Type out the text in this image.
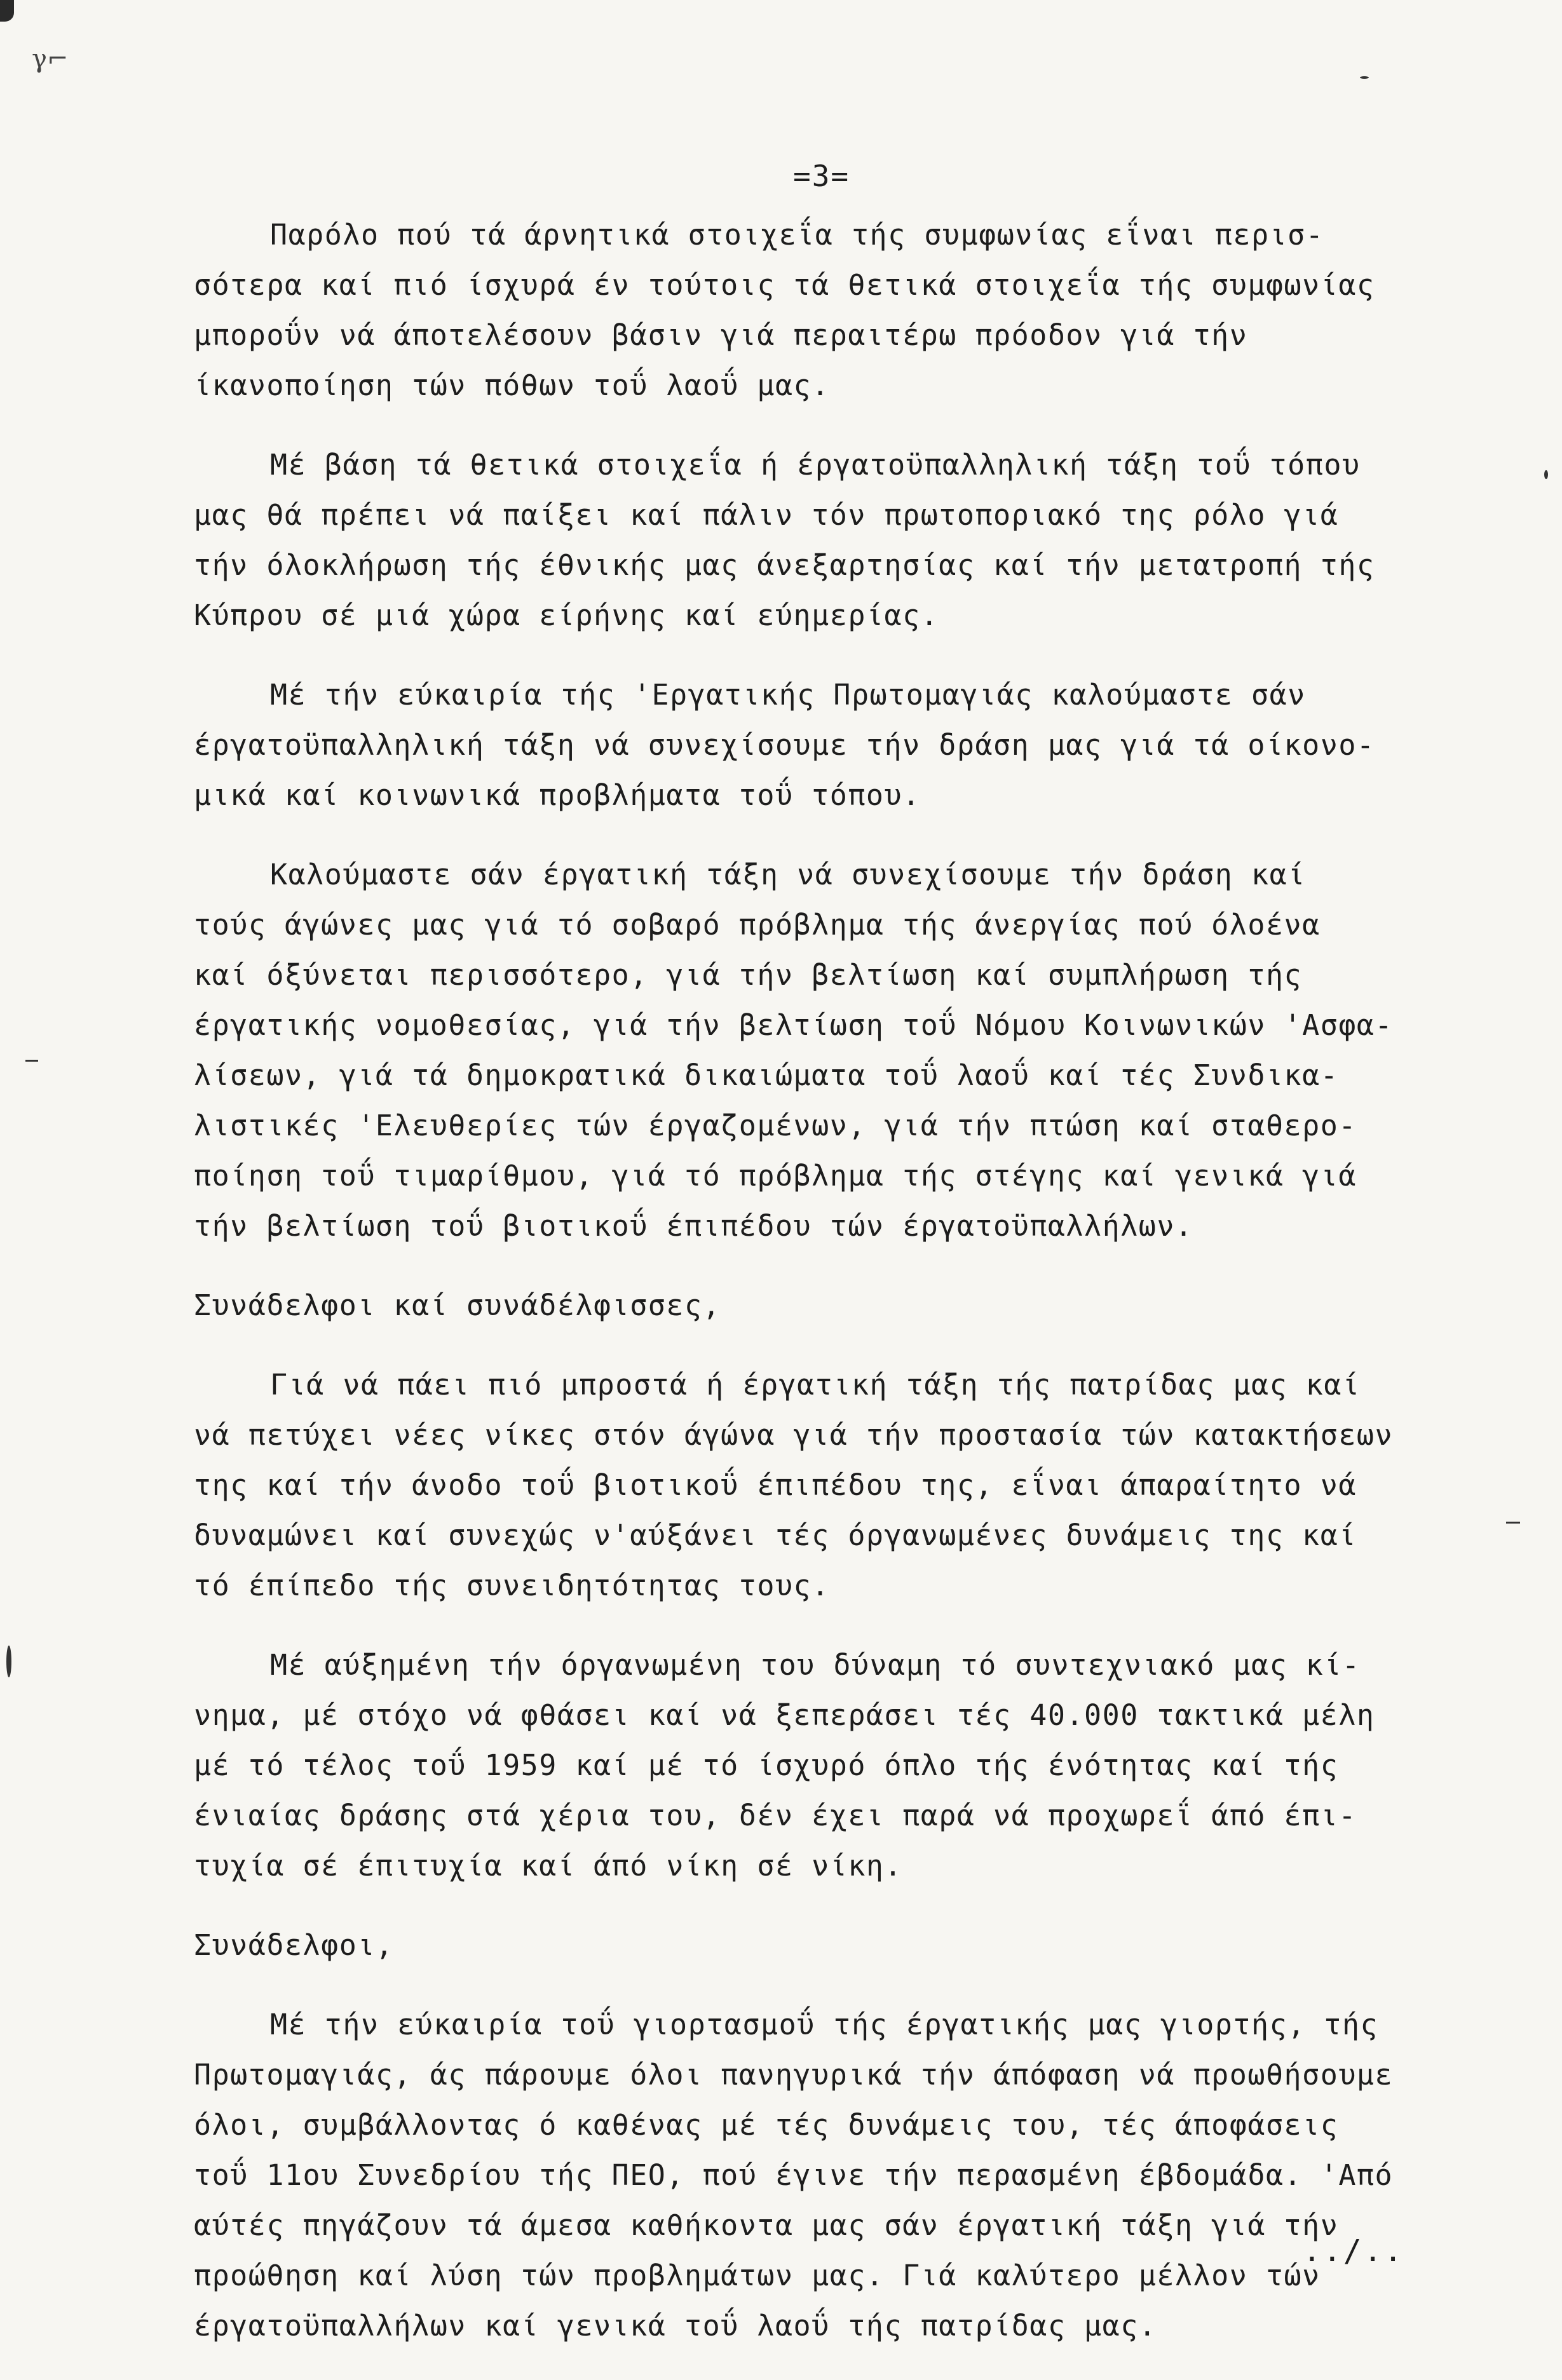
γ⌐
=3=
Παρόλο πού τά άρνητικά στοιχεΐα τής συμφωνίας εΐναι περισ-
σότερα καί πιό ίσχυρά έν τούτοις τά θετικά στοιχεΐα τής συμφωνίας
μποροΰν νά άποτελέσουν βάσιν γιά περαιτέρω πρόοδον γιά τήν
ίκανοποίηση τών πόθων τοΰ λαοΰ μας.
Μέ βάση τά θετικά στοιχεΐα ή έργατοϋπαλληλική τάξη τοΰ τόπου
μας θά πρέπει νά παίξει καί πάλιν τόν πρωτοποριακό της ρόλο γιά
τήν όλοκλήρωση τής έθνικής μας άνεξαρτησίας καί τήν μετατροπή τής
Κύπρου σέ μιά χώρα είρήνης καί εύημερίας.
Μέ τήν εύκαιρία τής 'Εργατικής Πρωτομαγιάς καλούμαστε σάν
έργατοϋπαλληλική τάξη νά συνεχίσουμε τήν δράση μας γιά τά οίκονο-
μικά καί κοινωνικά προβλήματα τοΰ τόπου.
Καλούμαστε σάν έργατική τάξη νά συνεχίσουμε τήν δράση καί
τούς άγώνες μας γιά τό σοβαρό πρόβλημα τής άνεργίας πού όλοένα
καί όξύνεται περισσότερο, γιά τήν βελτίωση καί συμπλήρωση τής
έργατικής νομοθεσίας, γιά τήν βελτίωση τοΰ Νόμου Κοινωνικών 'Ασφα-
λίσεων, γιά τά δημοκρατικά δικαιώματα τοΰ λαοΰ καί τές Συνδικα-
λιστικές 'Ελευθερίες τών έργαζομένων, γιά τήν πτώση καί σταθερο-
ποίηση τοΰ τιμαρίθμου, γιά τό πρόβλημα τής στέγης καί γενικά γιά
τήν βελτίωση τοΰ βιοτικοΰ έπιπέδου τών έργατοϋπαλλήλων.
Συνάδελφοι καί συνάδέλφισσες,
Γιά νά πάει πιό μπροστά ή έργατική τάξη τής πατρίδας μας καί
νά πετύχει νέες νίκες στόν άγώνα γιά τήν προστασία τών κατακτήσεων
της καί τήν άνοδο τοΰ βιοτικοΰ έπιπέδου της, εΐναι άπαραίτητο νά
δυναμώνει καί συνεχώς ν'αύξάνει τές όργανωμένες δυνάμεις της καί
τό έπίπεδο τής συνειδητότητας τους.
Μέ αύξημένη τήν όργανωμένη του δύναμη τό συντεχνιακό μας κί-
νημα, μέ στόχο νά φθάσει καί νά ξεπεράσει τές 40.000 τακτικά μέλη
μέ τό τέλος τοΰ 1959 καί μέ τό ίσχυρό όπλο τής ένότητας καί τής
ένιαίας δράσης στά χέρια του, δέν έχει παρά νά προχωρεΐ άπό έπι-
τυχία σέ έπιτυχία καί άπό νίκη σέ νίκη.
Συνάδελφοι,
Μέ τήν εύκαιρία τοΰ γιορτασμοΰ τής έργατικής μας γιορτής, τής
Πρωτομαγιάς, άς πάρουμε όλοι πανηγυρικά τήν άπόφαση νά προωθήσουμε
όλοι, συμβάλλοντας ό καθένας μέ τές δυνάμεις του, τές άποφάσεις
τοΰ 11ου Συνεδρίου τής ΠΕΟ, πού έγινε τήν περασμένη έβδομάδα. 'Από
αύτές πηγάζουν τά άμεσα καθήκοντα μας σάν έργατική τάξη γιά τήν
προώθηση καί λύση τών προβλημάτων μας. Γιά καλύτερο μέλλον τών
έργατοϋπαλλήλων καί γενικά τοΰ λαοΰ τής πατρίδας μας.
../..
